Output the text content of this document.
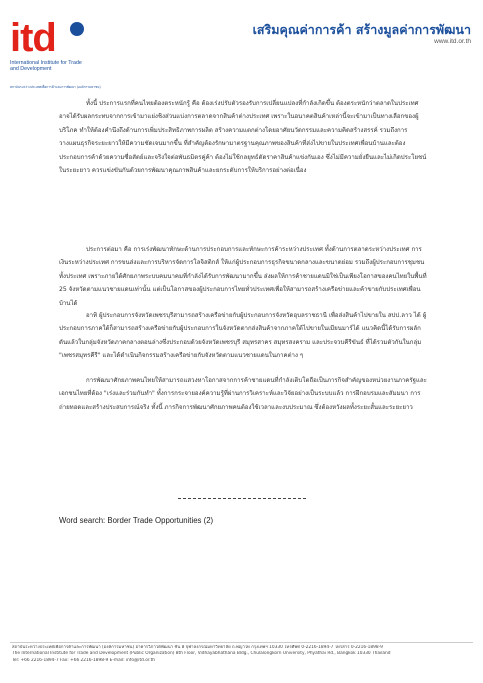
itd
International Institute for Trade and Development
สถาบันระหว่างประเทศเพื่อการค้าและการพัฒนา (องค์การมหาชน)
เสริมคุณค่าการค้า สร้างมูลค่าการพัฒนา
www.itd.or.th

ทั้งนี้ ประการแรกที่คนไทยต้องตระหนักรู้ คือ ต้องเร่งปรับตัวรองรับการเปลี่ยนแปลงที่กำลังเกิดขึ้น ต้องตระหนักว่าตลาดในประเทศอาจได้รับผลกระทบจากการเข้ามาแย่งชิงส่วนแบ่งการตลาดจากสินค้าต่างประเทศ เพราะในอนาคตสินค้าเหล่านี้จะเข้ามาเป็นทางเลือกของผู้บริโภค ทำให้ต้องคำนึงถึงด้านการเพิ่มประสิทธิภาพการผลิต สร้างความแตกต่างโดยอาศัยนวัตกรรมและความคิดสร้างสรรค์ รวมถึงการวางแผนธุรกิจระยะยาวให้มีความชัดเจนมากขึ้น ที่สำคัญต้องรักษามาตรฐานคุณภาพของสินค้าที่ส่งไปขายในประเทศเพื่อนบ้านและต้องประกอบการค้าด้วยความซื่อสัตย์และจริงใจต่อพันธมิตรคู่ค้า ต้องไม่ใช้กลยุทธ์ตัดราคาสินค้าแข่งกันเอง ซึ่งไม่มีความยั่งยืนและไม่เกิดประโยชน์ในระยะยาว ควรแข่งขันกันด้วยการพัฒนาคุณภาพสินค้าและยกระดับการให้บริการอย่างต่อเนื่อง

ประการต่อมา คือ การเร่งพัฒนาทักษะด้านการประกอบการและทักษะการค้าระหว่างประเทศ ทั้งด้านการตลาดระหว่างประเทศ การเงินระหว่างประเทศ การขนส่งและการบริหารจัดการโลจิสติกส์ ให้แก่ผู้ประกอบการธุรกิจขนาดกลางและขนาดย่อม รวมถึงผู้ประกอบการชุมชนทั้งประเทศ เพราะภายใต้ศักยภาพระบบคมนาคมที่กำลังได้รับการพัฒนามากขึ้น ส่งผลให้การค้าชายแดนมิใช่เป็นเพียงโอกาสของคนไทยในพื้นที่ 25 จังหวัดตามแนวชายแดนเท่านั้น แต่เป็นโอกาสของผู้ประกอบการไทยทั่วประเทศเพื่อให้สามารถสร้างเครือข่ายและค้าขายกับประเทศเพื่อนบ้านได้

อาทิ ผู้ประกอบการจังหวัดเพชรบุรีสามารถสร้างเครือข่ายกับผู้ประกอบการจังหวัดอุบลราชธานี เพื่อส่งสินค้าไปขายใน สปป.ลาว ได้ ผู้ประกอบการภาคใต้ก็สามารถสร้างเครือข่ายกับผู้ประกอบการในจังหวัดตากส่งสินค้าจากภาคใต้ไปขายในเมียนมาร์ได้ แนวคิดนี้ได้รับการผลักดันแล้วในกลุ่มจังหวัดภาคกลางตอนล่างซึ่งประกอบด้วยจังหวัดเพชรบุรี สมุทรสาคร สมุทรสงคราม และประจวบคีรีขันธ์ ที่ได้รวมตัวกันในกลุ่ม "เพชรสมุทรคีรี" และได้ดำเนินกิจกรรมสร้างเครือข่ายกับจังหวัดตามแนวชายแดนในภาคต่าง ๆ

การพัฒนาศักยภาพคนไทยให้สามารถแสวงหาโอกาสจากการค้าชายแดนที่กำลังเติบโตถือเป็นภารกิจสำคัญของหน่วยงานภาครัฐและเอกชนไทยที่ต้อง "เร่งและร่วมกันทำ" ทั้งการกระจายองค์ความรู้ที่ผ่านการวิเคราะห์และวิจัยอย่างเป็นระบบแล้ว การฝึกอบรมและสัมมนา การถ่ายทอดและสร้างประสบการณ์จริง ทั้งนี้ ภารกิจการพัฒนาศักยภาพคนต้องใช้เวลาและงบประมาณ ซึ่งต้องหวังผลทั้งระยะสั้นและระยะยาว

Word search: Border Trade Opportunities (2)
สถาบันระหว่างประเทศเพื่อการค้าและการพัฒนา (องค์การมหาชน) อาคารวิภาวดีพัฒนา ชั้น 8 จุฬาลงกรณ์มหาวิทยาลัย ถ.พญาไท กรุงเทพฯ 10330 โทรศัพท์ 0-2216-1894-7 โทรสาร 0-2216-1898-9
The International Institute for Trade and Development (Public Organization) 8th Floor, Vidhayabhathana Bldg., Chulalongkorn University, Phyathai Rd., Bangkok 10330 Thailand
Tel: +66 2216-1894-7 Fax: +66 2216-1898-9 E-mail: info@itd.or.th
